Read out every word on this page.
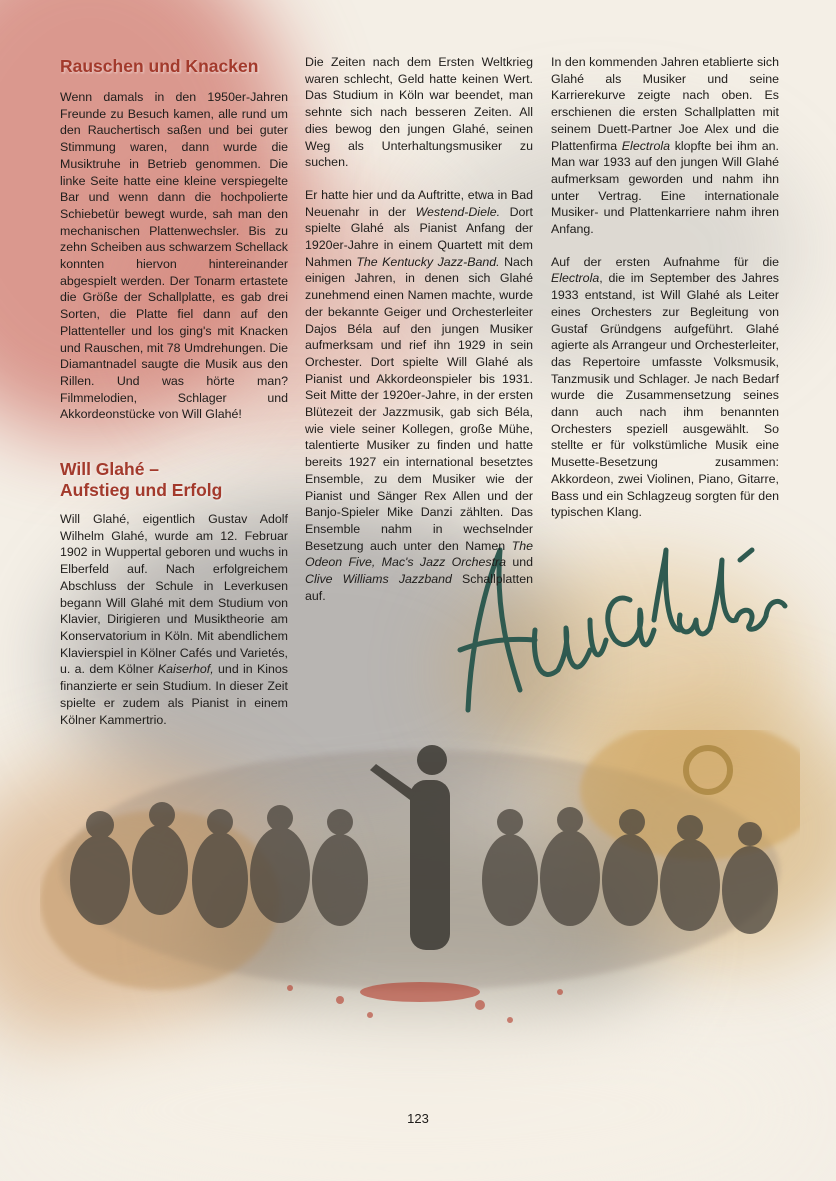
Rauschen und Knacken

Wenn damals in den 1950er-Jahren Freunde zu Besuch kamen, alle rund um den Rauchertisch saßen und bei guter Stimmung waren, dann wurde die Musiktruhe in Betrieb genommen. Die linke Seite hatte eine kleine verspiegelte Bar und wenn dann die hochpolierte Schiebetür bewegt wurde, sah man den mechanischen Plattenwechsler. Bis zu zehn Scheiben aus schwarzem Schellack konnten hiervon hintereinander abgespielt werden. Der Tonarm ertastete die Größe der Schallplatte, es gab drei Sorten, die Platte fiel dann auf den Plattenteller und los ging's mit Knacken und Rauschen, mit 78 Umdrehungen. Die Diamantnadel saugte die Musik aus den Rillen. Und was hörte man? Filmmelodien, Schlager und Akkordeonstücke von Will Glahé!

Will Glahé –
Aufstieg und Erfolg

Will Glahé, eigentlich Gustav Adolf Wilhelm Glahé, wurde am 12. Februar 1902 in Wuppertal geboren und wuchs in Elberfeld auf. Nach erfolgreichem Abschluss der Schule in Leverkusen begann Will Glahé mit dem Studium von Klavier, Dirigieren und Musiktheorie am Konservatorium in Köln. Mit abendlichem Klavierspiel in Kölner Cafés und Varietés, u. a. dem Kölner Kaiserhof, und in Kinos finanzierte er sein Studium. In dieser Zeit spielte er zudem als Pianist in einem Kölner Kammertrio.

Die Zeiten nach dem Ersten Weltkrieg waren schlecht, Geld hatte keinen Wert. Das Studium in Köln war beendet, man sehnte sich nach besseren Zeiten. All dies bewog den jungen Glahé, seinen Weg als Unterhaltungsmusiker zu suchen.

Er hatte hier und da Auftritte, etwa in Bad Neuenahr in der Westend-Diele. Dort spielte Glahé als Pianist Anfang der 1920er-Jahre in einem Quartett mit dem Nahmen The Kentucky Jazz-Band. Nach einigen Jahren, in denen sich Glahé zunehmend einen Namen machte, wurde der bekannte Geiger und Orchesterleiter Dajos Béla auf den jungen Musiker aufmerksam und rief ihn 1929 in sein Orchester. Dort spielte Will Glahé als Pianist und Akkordeonspieler bis 1931. Seit Mitte der 1920er-Jahre, in der ersten Blütezeit der Jazzmusik, gab sich Béla, wie viele seiner Kollegen, große Mühe, talentierte Musiker zu finden und hatte bereits 1927 ein international besetztes Ensemble, zu dem Musiker wie der Pianist und Sänger Rex Allen und der Banjo-Spieler Mike Danzi zählten. Das Ensemble nahm in wechselnder Besetzung auch unter den Namen The Odeon Five, Mac's Jazz Orchestra und Clive Williams Jazzband Schallplatten auf.

In den kommenden Jahren etablierte sich Glahé als Musiker und seine Karrierekurve zeigte nach oben. Es erschienen die ersten Schallplatten mit seinem Duett-Partner Joe Alex und die Plattenfirma Electrola klopfte bei ihm an. Man war 1933 auf den jungen Will Glahé aufmerksam geworden und nahm ihn unter Vertrag. Eine internationale Musiker- und Plattenkarriere nahm ihren Anfang.

Auf der ersten Aufnahme für die Electrola, die im September des Jahres 1933 entstand, ist Will Glahé als Leiter eines Orchesters zur Begleitung von Gustaf Gründgens aufgeführt. Glahé agierte als Arrangeur und Orchesterleiter, das Repertoire umfasste Volksmusik, Tanzmusik und Schlager. Je nach Bedarf wurde die Zusammensetzung seines dann auch nach ihm benannten Orchesters speziell ausgewählt. So stellte er für volkstümliche Musik eine Musette-Besetzung zusammen: Akkordeon, zwei Violinen, Piano, Gitarre, Bass und ein Schlagzeug sorgten für den typischen Klang.

123
